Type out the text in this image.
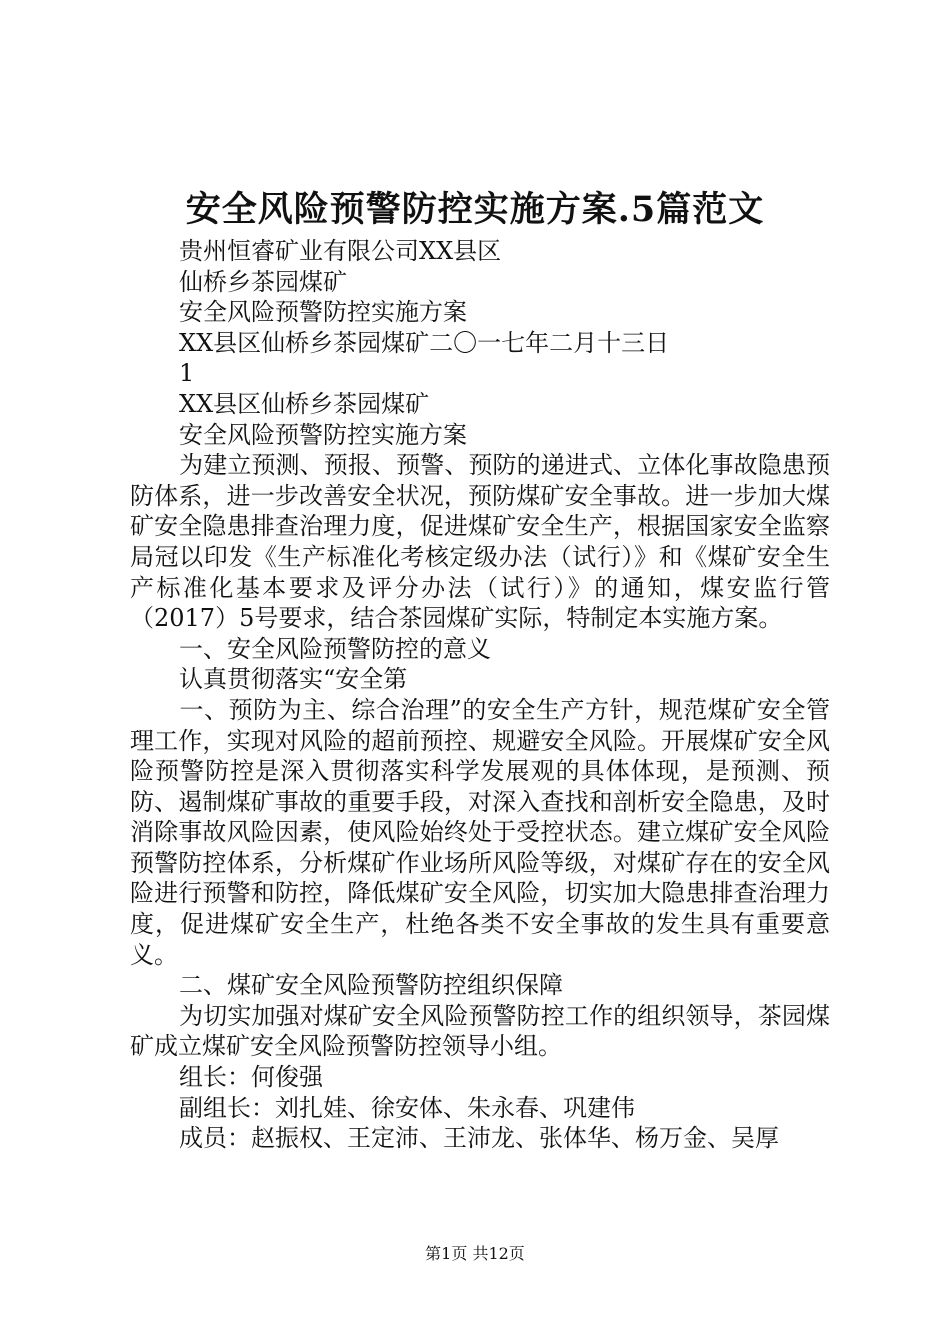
安全风险预警防控实施方案.5篇范文
贵州恒睿矿业有限公司XX县区
仙桥乡茶园煤矿
安全风险预警防控实施方案
XX县区仙桥乡茶园煤矿二〇一七年二月十三日
1
XX县区仙桥乡茶园煤矿
安全风险预警防控实施方案
为建立预测、预报、预警、预防的递进式、立体化事故隐患预防体系，进一步改善安全状况，预防煤矿安全事故。进一步加大煤矿安全隐患排查治理力度，促进煤矿安全生产，根据国家安全监察局冠以印发《生产标准化考核定级办法（试行）》和《煤矿安全生产标准化基本要求及评分办法（试行）》的通知，煤安监行管（2017）5号要求，结合茶园煤矿实际，特制定本实施方案。
一、安全风险预警防控的意义
认真贯彻落实“安全第
一、预防为主、综合治理”的安全生产方针，规范煤矿安全管理工作，实现对风险的超前预控、规避安全风险。开展煤矿安全风险预警防控是深入贯彻落实科学发展观的具体体现，是预测、预防、遏制煤矿事故的重要手段，对深入查找和剖析安全隐患，及时消除事故风险因素，使风险始终处于受控状态。建立煤矿安全风险预警防控体系，分析煤矿作业场所风险等级，对煤矿存在的安全风险进行预警和防控，降低煤矿安全风险，切实加大隐患排查治理力度，促进煤矿安全生产，杜绝各类不安全事故的发生具有重要意义。
二、煤矿安全风险预警防控组织保障
为切实加强对煤矿安全风险预警防控工作的组织领导，茶园煤矿成立煤矿安全风险预警防控领导小组。
组长：何俊强
副组长：刘扎娃、徐安体、朱永春、巩建伟
成员：赵振权、王定沛、王沛龙、张体华、杨万金、吴厚
第1页 共12页
